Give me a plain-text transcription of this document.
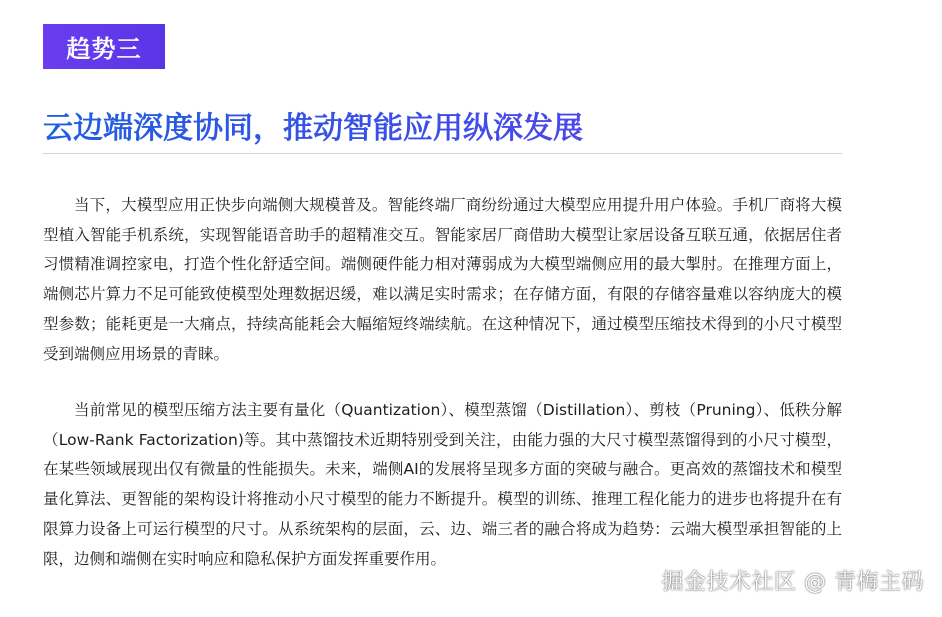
趋势三
云边端深度协同，推动智能应用纵深发展

当下，大模型应用正快步向端侧大规模普及。智能终端厂商纷纷通过大模型应用提升用户体验。手机厂商将大模型植入智能手机系统，实现智能语音助手的超精准交互。智能家居厂商借助大模型让家居设备互联互通，依据居住者习惯精准调控家电，打造个性化舒适空间。端侧硬件能力相对薄弱成为大模型端侧应用的最大掣肘。在推理方面上，端侧芯片算力不足可能致使模型处理数据迟缓，难以满足实时需求；在存储方面，有限的存储容量难以容纳庞大的模型参数；能耗更是一大痛点，持续高能耗会大幅缩短终端续航。在这种情况下，通过模型压缩技术得到的小尺寸模型受到端侧应用场景的青睐。

当前常见的模型压缩方法主要有量化（Quantization）、模型蒸馏（Distillation）、剪枝（Pruning）、低秩分解（Low-Rank Factorization)等。其中蒸馏技术近期特别受到关注，由能力强的大尺寸模型蒸馏得到的小尺寸模型，在某些领域展现出仅有微量的性能损失。未来，端侧AI的发展将呈现多方面的突破与融合。更高效的蒸馏技术和模型量化算法、更智能的架构设计将推动小尺寸模型的能力不断提升。模型的训练、推理工程化能力的进步也将提升在有限算力设备上可运行模型的尺寸。从系统架构的层面，云、边、端三者的融合将成为趋势：云端大模型承担智能的上限，边侧和端侧在实时响应和隐私保护方面发挥重要作用。

掘金技术社区 @ 青梅主码
